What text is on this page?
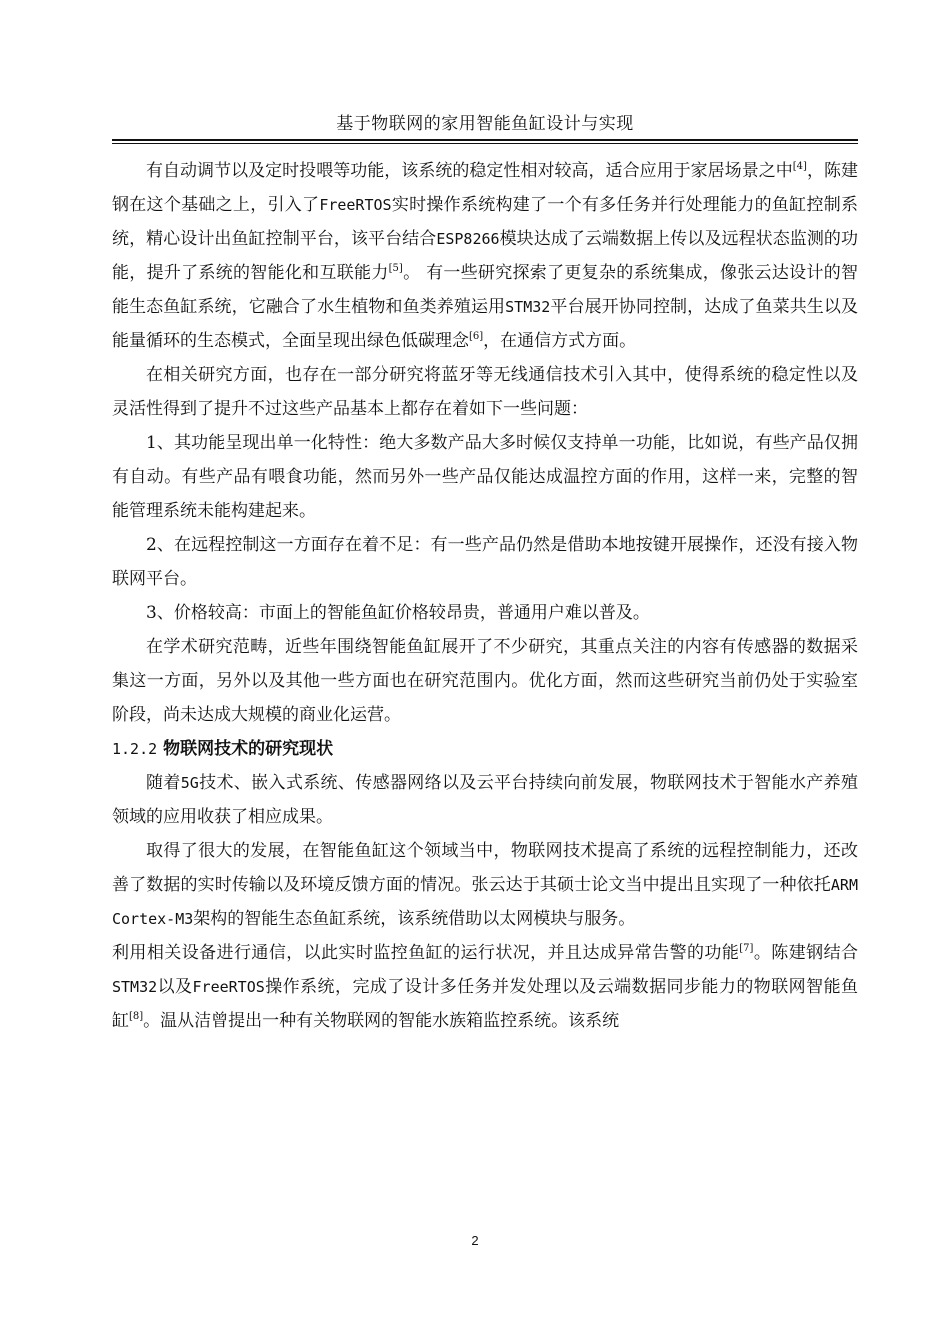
基于物联网的家用智能鱼缸设计与实现

有自动调节以及定时投喂等功能，该系统的稳定性相对较高，适合应用于家居场景之中[4]，陈建钢在这个基础之上，引入了FreeRTOS实时操作系统构建了一个有多任务并行处理能力的鱼缸控制系统，精心设计出鱼缸控制平台，该平台结合ESP8266模块达成了云端数据上传以及远程状态监测的功能，提升了系统的智能化和互联能力[5]。 有一些研究探索了更复杂的系统集成，像张云达设计的智能生态鱼缸系统，它融合了水生植物和鱼类养殖运用STM32平台展开协同控制，达成了鱼菜共生以及能量循环的生态模式，全面呈现出绿色低碳理念[6]，在通信方式方面。

在相关研究方面，也存在一部分研究将蓝牙等无线通信技术引入其中，使得系统的稳定性以及灵活性得到了提升不过这些产品基本上都存在着如下一些问题：

1、其功能呈现出单一化特性：绝大多数产品大多时候仅支持单一功能，比如说，有些产品仅拥有自动。有些产品有喂食功能，然而另外一些产品仅能达成温控方面的作用，这样一来，完整的智能管理系统未能构建起来。

2、在远程控制这一方面存在着不足：有一些产品仍然是借助本地按键开展操作，还没有接入物联网平台。

3、价格较高：市面上的智能鱼缸价格较昂贵，普通用户难以普及。

在学术研究范畴，近些年围绕智能鱼缸展开了不少研究，其重点关注的内容有传感器的数据采集这一方面，另外以及其他一些方面也在研究范围内。优化方面，然而这些研究当前仍处于实验室阶段，尚未达成大规模的商业化运营。

1.2.2 物联网技术的研究现状

随着5G技术、嵌入式系统、传感器网络以及云平台持续向前发展，物联网技术于智能水产养殖领域的应用收获了相应成果。

取得了很大的发展，在智能鱼缸这个领域当中，物联网技术提高了系统的远程控制能力，还改善了数据的实时传输以及环境反馈方面的情况。张云达于其硕士论文当中提出且实现了一种依托ARM Cortex-M3架构的智能生态鱼缸系统，该系统借助以太网模块与服务。

利用相关设备进行通信，以此实时监控鱼缸的运行状况，并且达成异常告警的功能[7]。陈建钢结合STM32以及FreeRTOS操作系统，完成了设计多任务并发处理以及云端数据同步能力的物联网智能鱼缸[8]。温从洁曾提出一种有关物联网的智能水族箱监控系统。该系统

2
